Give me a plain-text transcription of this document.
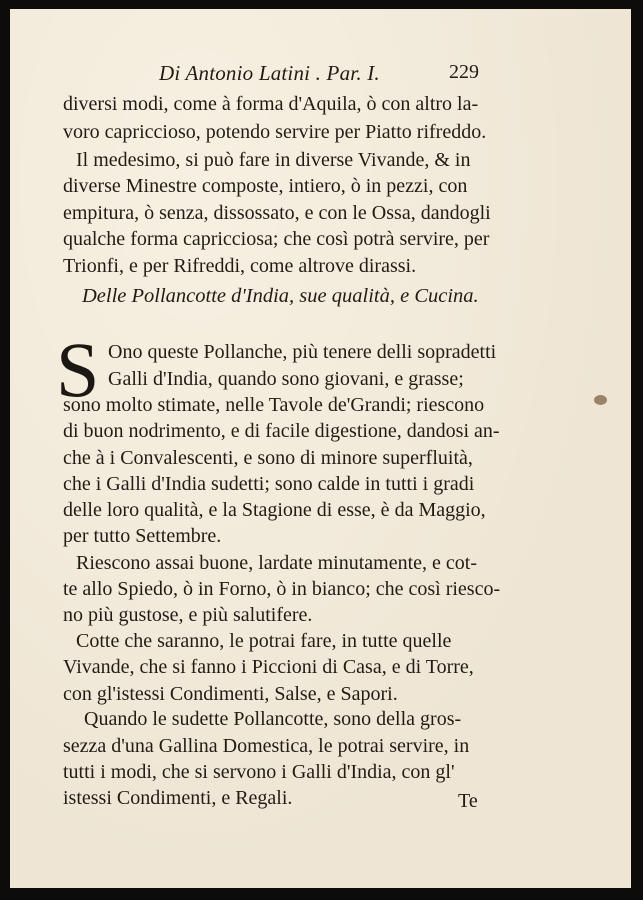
Di Antonio Latini . Par. I.	229
diversi modi, come à forma d'Aquila, ò con altro la-
voro capriccioso, potendo servire per Piatto rifreddo.
Il medesimo, si può fare in diverse Vivande, & in
diverse Minestre composte, intiero, ò in pezzi, con
empitura, ò senza, dissossato, e con le Ossa, dandogli
qualche forma capricciosa; che così potrà servire, per
Trionfi, e per Rifreddi, come altrove dirassi.
Delle Pollancotte d'India, sue qualità, e Cucina.
S Ono queste Pollanche, più tenere delli sopradetti
Galli d'India, quando sono giovani, e grasse;
sono molto stimate, nelle Tavole de'Grandi; riescono
di buon nodrimento, e di facile digestione, dandosi an-
che à i Convalescenti, e sono di minore superfluità,
che i Galli d'India sudetti; sono calde in tutti i gradi
delle loro qualità, e la Stagione di esse, è da Maggio,
per tutto Settembre.
Riescono assai buone, lardate minutamente, e cot-
te allo Spiedo, ò in Forno, ò in bianco; che così riesco-
no più gustose, e più salutifere.
Cotte che saranno, le potrai fare, in tutte quelle
Vivande, che si fanno i Piccioni di Casa, e di Torre,
con gl'istessi Condimenti, Salse, e Sapori.
Quando le sudette Pollancotte, sono della gros-
sezza d'una Gallina Domestica, le potrai servire, in
tutti i modi, che si servono i Galli d'India, con gl'
istessi Condimenti, e Regali.	Te
